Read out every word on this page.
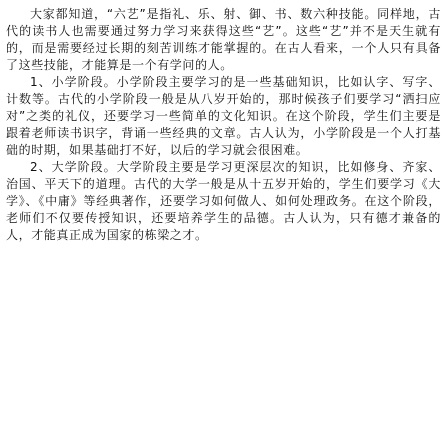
大家都知道，“六艺”是指礼、乐、射、御、书、数六种技能。同样地，古代的读书人也需要通过努力学习来获得这些“艺”。这些“艺”并不是天生就有的，而是需要经过长期的刻苦训练才能掌握的。在古人看来，一个人只有具备了这些技能，才能算是一个有学问的人。

1、小学阶段。小学阶段主要学习的是一些基础知识，比如认字、写字、计数等。古代的小学阶段一般是从八岁开始的，那时候孩子们要学习“洒扫应对”之类的礼仪，还要学习一些简单的文化知识。在这个阶段，学生们主要是跟着老师读书识字，背诵一些经典的文章。古人认为，小学阶段是一个人打基础的时期，如果基础打不好，以后的学习就会很困难。

2、大学阶段。大学阶段主要是学习更深层次的知识，比如修身、齐家、治国、平天下的道理。古代的大学一般是从十五岁开始的，学生们要学习《大学》、《中庸》等经典著作，还要学习如何做人、如何处理政务。在这个阶段，老师们不仅要传授知识，还要培养学生的品德。古人认为，只有德才兼备的人，才能真正成为国家的栋梁之才。
